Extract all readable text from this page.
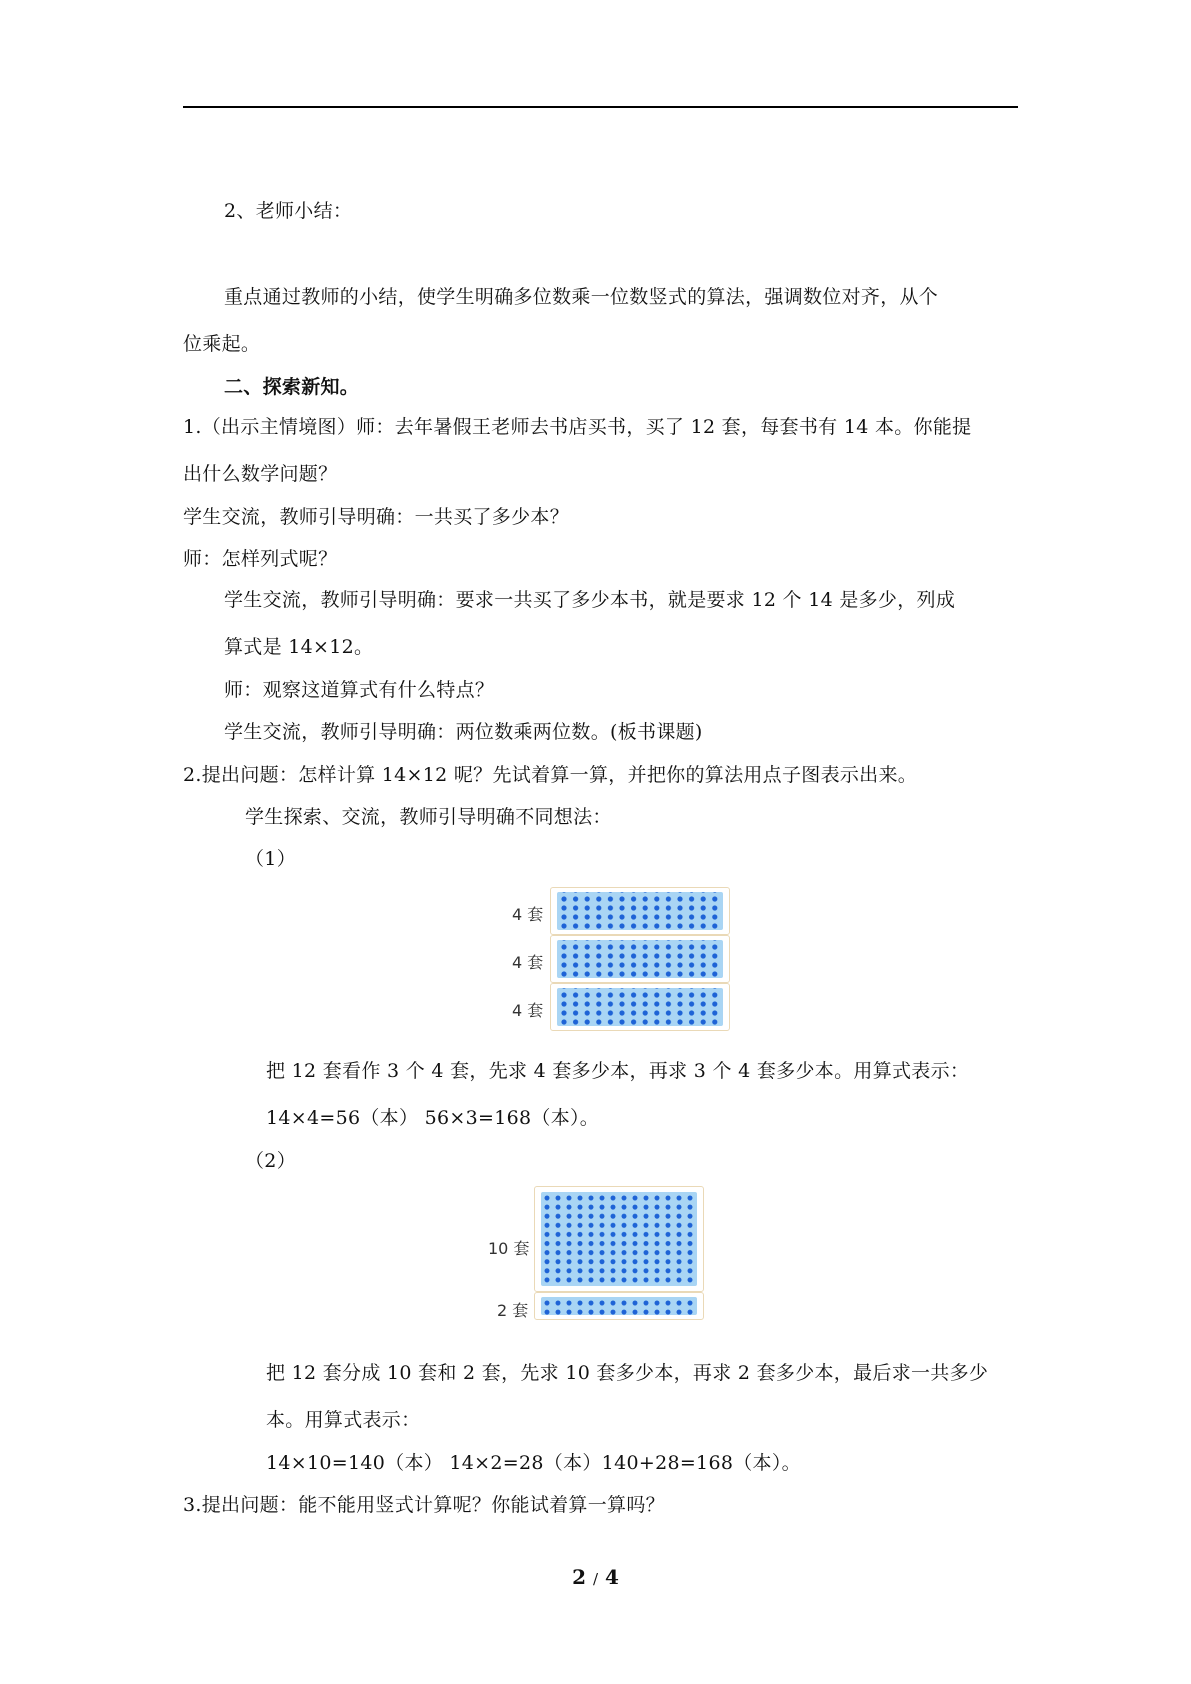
2、老师小结：
重点通过教师的小结，使学生明确多位数乘一位数竖式的算法，强调数位对齐，从个
位乘起。
二、探索新知。
1.（出示主情境图）师：去年暑假王老师去书店买书，买了 12 套，每套书有 14 本。你能提
出什么数学问题？
学生交流，教师引导明确：一共买了多少本？
师：怎样列式呢？
学生交流，教师引导明确：要求一共买了多少本书，就是要求 12 个 14 是多少，列成
算式是 14×12。
师：观察这道算式有什么特点？
学生交流，教师引导明确：两位数乘两位数。(板书课题)
2.提出问题：怎样计算 14×12 呢？先试着算一算，并把你的算法用点子图表示出来。
学生探索、交流，教师引导明确不同想法：
（1）
4 套
4 套
4 套
把 12 套看作 3 个 4 套，先求 4 套多少本，再求 3 个 4 套多少本。用算式表示：
14×4=56（本） 56×3=168（本）。
（2）
10 套
2 套
把 12 套分成 10 套和 2 套，先求 10 套多少本，再求 2 套多少本，最后求一共多少
本。用算式表示：
14×10=140（本） 14×2=28（本）140+28=168（本）。
3.提出问题：能不能用竖式计算呢？你能试着算一算吗？
2 / 4
